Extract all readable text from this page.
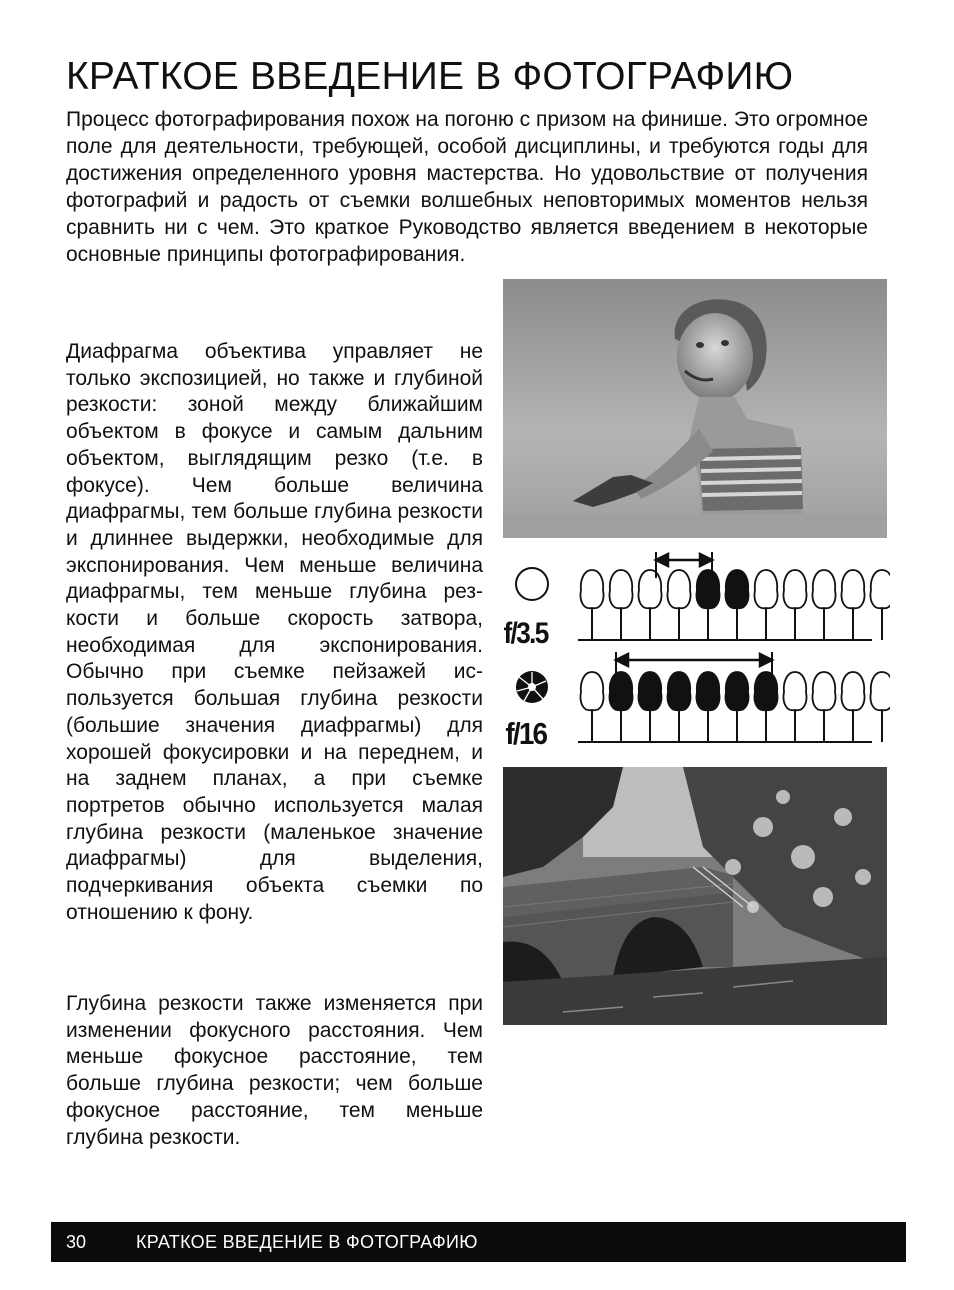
КРАТКОЕ ВВЕДЕНИЕ В ФОТОГРАФИЮ

Процесс фотографирования похож на погоню с призом на финише. Это огромное поле для деятельности, требующей, особой дисциплины, и требуются годы для достижения определенного уровня мастерства. Но удовольствие от получения фотографий и радость от съемки волшебных неповторимых моментов нельзя сравнить ни с чем. Это краткое Руководство является введением в некоторые основные принципы фотографирования.

Диафрагма объектива управляет не только экспозицией, но также и глубиной резкости: зоной между ближайшим объектом в фокусе и самым дальним объектом, выглядящим резко (т.е. в фокусе). Чем больше величина диафрагмы, тем больше глубина резкости и длиннее выдержки, необходимые для экспонирования. Чем меньше величина диафрагмы, тем меньше глубина резкости и больше скорость затвора, необходимая для экспонирования. Обычно при съемке пейзажей используется большая глубина резкости (большие значения диафрагмы) для хорошей фокусировки и на переднем, и на заднем планах, а при съемке портретов обычно используется малая глубина резкости (маленькое значение диафрагмы) для выделения, подчеркивания объекта съемки по отношению к фону.

Глубина резкости также изменяется при изменении фокусного расстояния. Чем меньше фокусное расстояние, тем больше глубина резкости; чем больше фокусное расстояние, тем меньше глубина резкости.

f/3.5
f/16
30	КРАТКОЕ ВВЕДЕНИЕ В ФОТОГРАФИЮ
